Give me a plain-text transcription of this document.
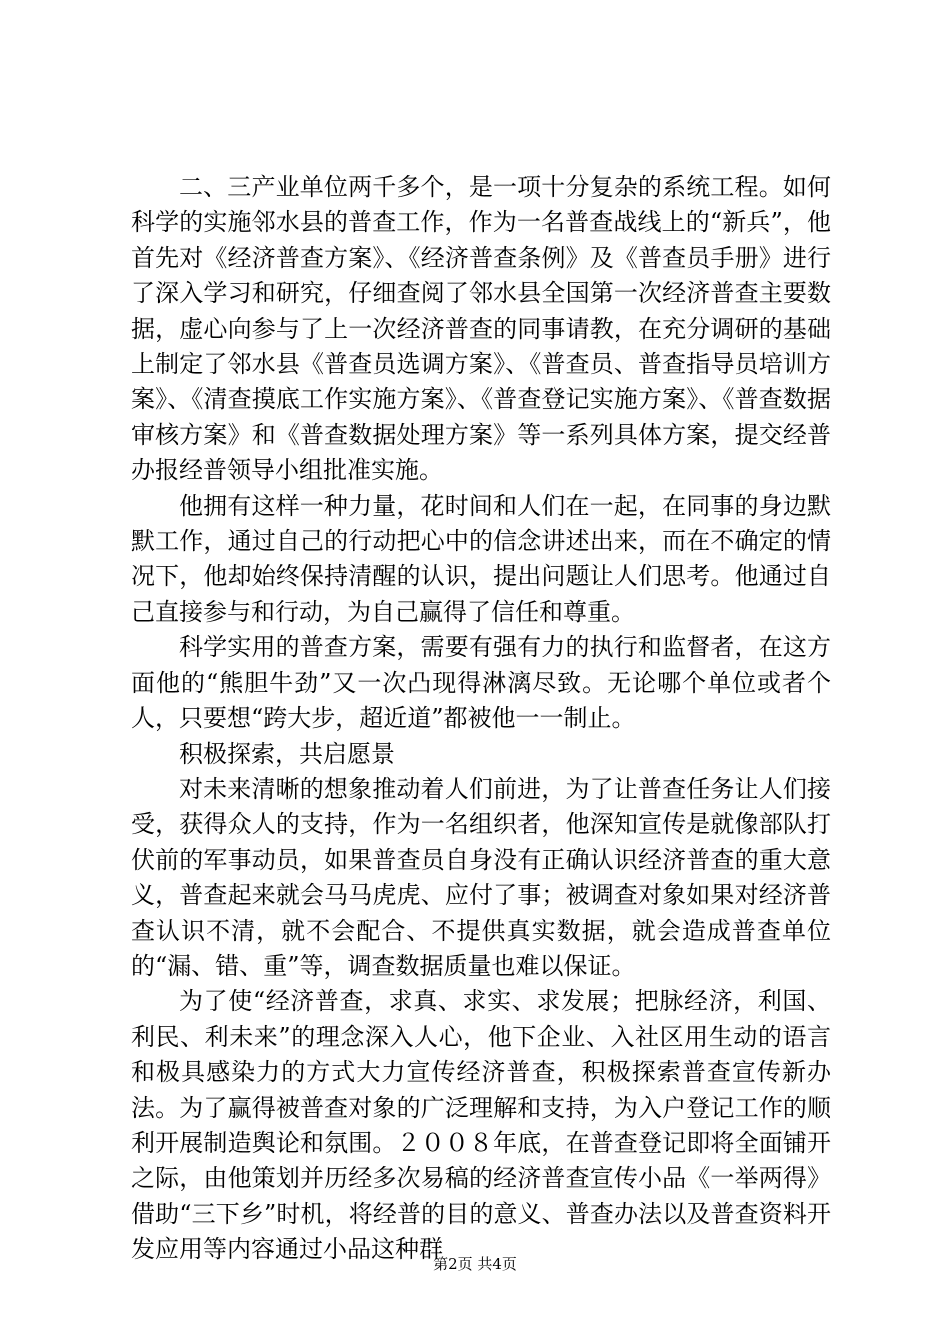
二、三产业单位两千多个，是一项十分复杂的系统工程。如何科学的实施邻水县的普查工作，作为一名普查战线上的“新兵”，他首先对《经济普查方案》、《经济普查条例》及《普查员手册》进行了深入学习和研究，仔细查阅了邻水县全国第一次经济普查主要数据，虚心向参与了上一次经济普查的同事请教，在充分调研的基础上制定了邻水县《普查员选调方案》、《普查员、普查指导员培训方案》、《清查摸底工作实施方案》、《普查登记实施方案》、《普查数据审核方案》和《普查数据处理方案》等一系列具体方案，提交经普办报经普领导小组批准实施。

他拥有这样一种力量，花时间和人们在一起，在同事的身边默默工作，通过自己的行动把心中的信念讲述出来，而在不确定的情况下，他却始终保持清醒的认识，提出问题让人们思考。他通过自己直接参与和行动，为自己赢得了信任和尊重。

科学实用的普查方案，需要有强有力的执行和监督者，在这方面他的“熊胆牛劲”又一次凸现得淋漓尽致。无论哪个单位或者个人，只要想“跨大步，超近道”都被他一一制止。

积极探索，共启愿景

对未来清晰的想象推动着人们前进，为了让普查任务让人们接受，获得众人的支持，作为一名组织者，他深知宣传是就像部队打伏前的军事动员，如果普查员自身没有正确认识经济普查的重大意义，普查起来就会马马虎虎、应付了事；被调查对象如果对经济普查认识不清，就不会配合、不提供真实数据，就会造成普查单位的“漏、错、重”等，调查数据质量也难以保证。

为了使“经济普查，求真、求实、求发展；把脉经济，利国、利民、利未来”的理念深入人心，他下企业、入社区用生动的语言和极具感染力的方式大力宣传经济普查，积极探索普查宣传新办法。为了赢得被普查对象的广泛理解和支持，为入户登记工作的顺利开展制造舆论和氛围。２００８年底，在普查登记即将全面铺开之际，由他策划并历经多次易稿的经济普查宣传小品《一举两得》借助“三下乡”时机，将经普的目的意义、普查办法以及普查资料开发应用等内容通过小品这种群

第2页 共4页
